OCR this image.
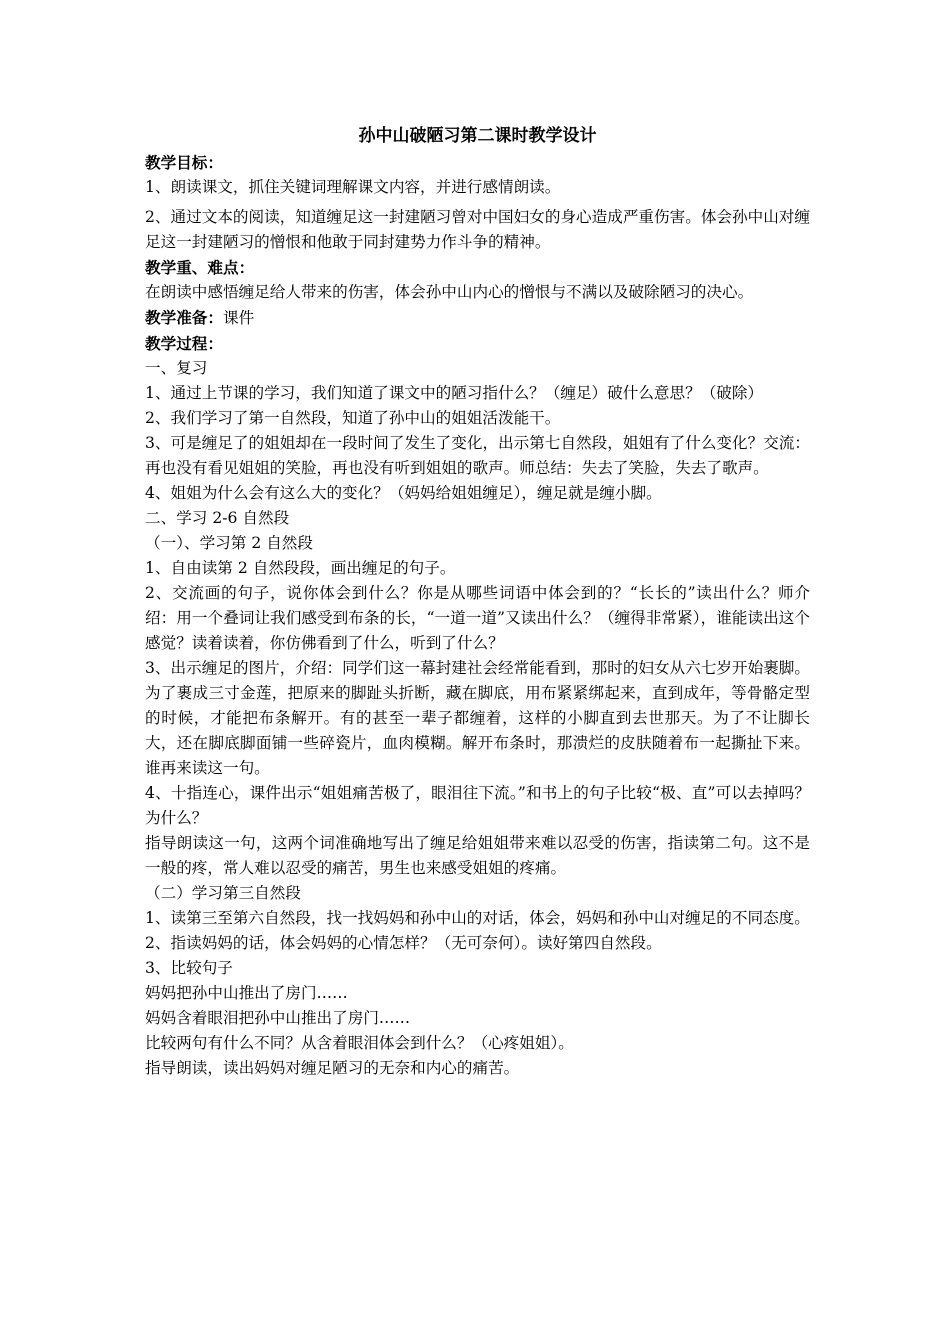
孙中山破陋习第二课时教学设计

教学目标：

1、朗读课文，抓住关键词理解课文内容，并进行感情朗读。

2、通过文本的阅读，知道缠足这一封建陋习曾对中国妇女的身心造成严重伤害。体会孙中山对缠足这一封建陋习的憎恨和他敢于同封建势力作斗争的精神。

教学重、难点：

在朗读中感悟缠足给人带来的伤害，体会孙中山内心的憎恨与不满以及破除陋习的决心。

教学准备：课件

教学过程：

一、复习

1、通过上节课的学习，我们知道了课文中的陋习指什么？（缠足）破什么意思？（破除）

2、我们学习了第一自然段，知道了孙中山的姐姐活泼能干。

3、可是缠足了的姐姐却在一段时间了发生了变化，出示第七自然段，姐姐有了什么变化？交流：再也没有看见姐姐的笑脸，再也没有听到姐姐的歌声。师总结：失去了笑脸，失去了歌声。

4、姐姐为什么会有这么大的变化？（妈妈给姐姐缠足），缠足就是缠小脚。

二、学习 2-6 自然段

（一）、学习第 2 自然段

1、自由读第 2 自然段段，画出缠足的句子。

2、交流画的句子，说你体会到什么？你是从哪些词语中体会到的？“长长的”读出什么？师介绍：用一个叠词让我们感受到布条的长，“一道一道”又读出什么？（缠得非常紧），谁能读出这个感觉？读着读着，你仿佛看到了什么，听到了什么？

3、出示缠足的图片，介绍：同学们这一幕封建社会经常能看到，那时的妇女从六七岁开始裹脚。为了裹成三寸金莲，把原来的脚趾头折断，藏在脚底，用布紧紧绑起来，直到成年，等骨骼定型的时候，才能把布条解开。有的甚至一辈子都缠着，这样的小脚直到去世那天。为了不让脚长大，还在脚底脚面铺一些碎瓷片，血肉模糊。解开布条时，那溃烂的皮肤随着布一起撕扯下来。谁再来读这一句。

4、十指连心，课件出示“姐姐痛苦极了，眼泪往下流。”和书上的句子比较“极、直”可以去掉吗？为什么？

指导朗读这一句，这两个词准确地写出了缠足给姐姐带来难以忍受的伤害，指读第二句。这不是一般的疼，常人难以忍受的痛苦，男生也来感受姐姐的疼痛。

（二）学习第三自然段

1、读第三至第六自然段，找一找妈妈和孙中山的对话，体会，妈妈和孙中山对缠足的不同态度。

2、指读妈妈的话，体会妈妈的心情怎样？（无可奈何）。读好第四自然段。

3、比较句子

妈妈把孙中山推出了房门……

妈妈含着眼泪把孙中山推出了房门……

比较两句有什么不同？从含着眼泪体会到什么？（心疼姐姐）。

指导朗读，读出妈妈对缠足陋习的无奈和内心的痛苦。
